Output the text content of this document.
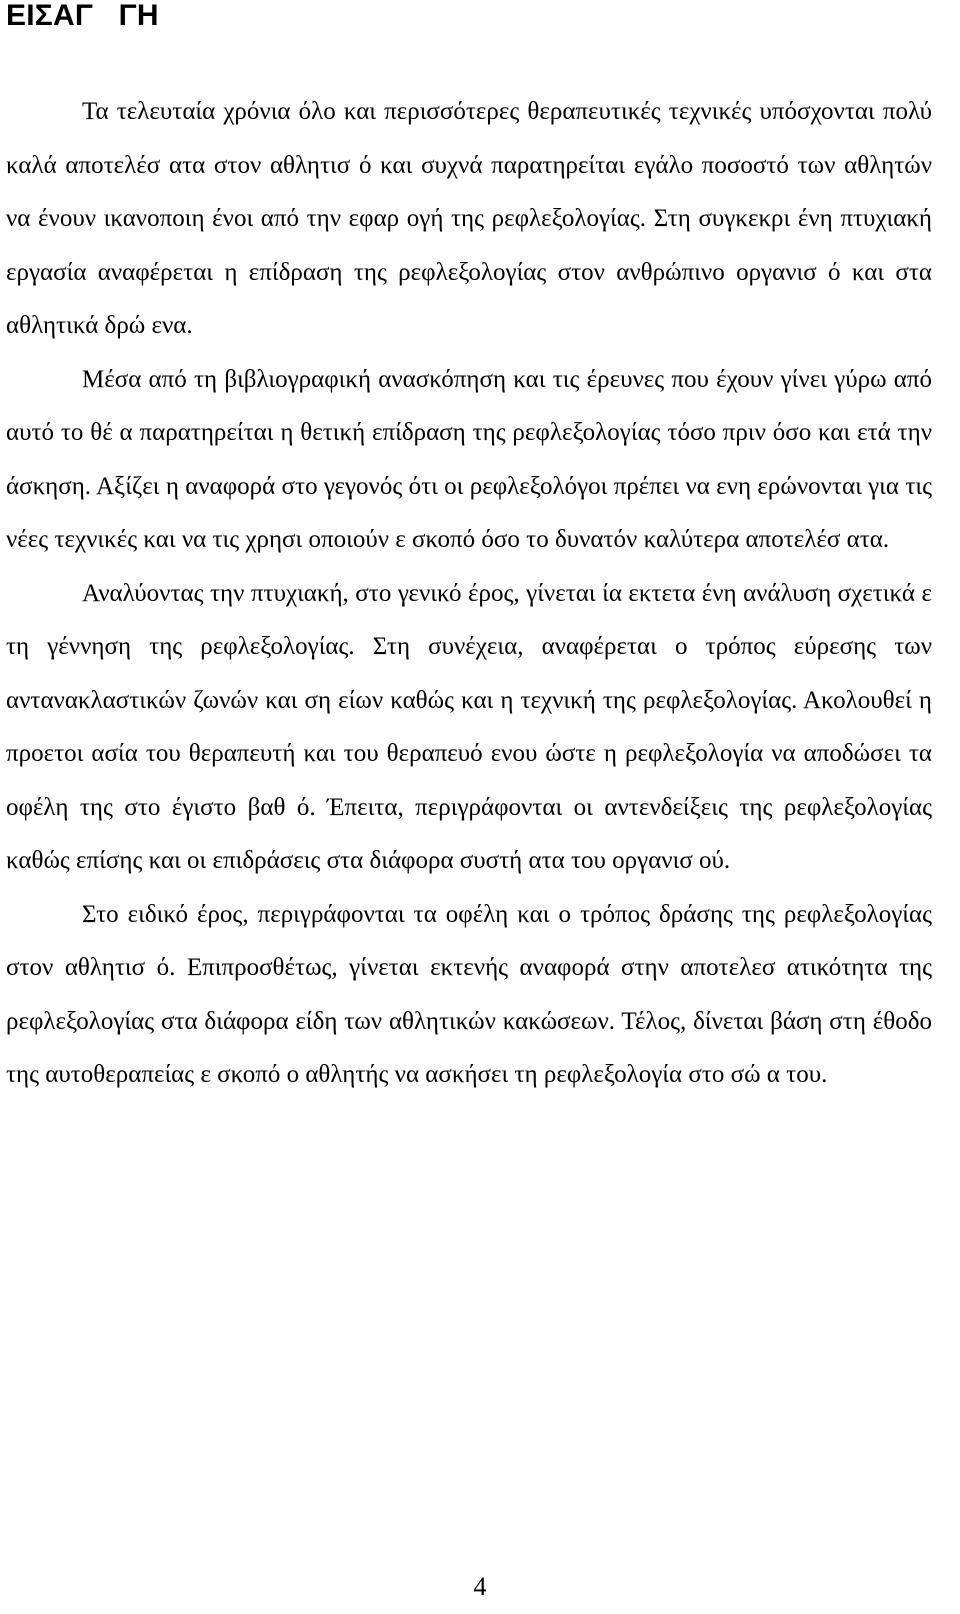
ΕΙΣΑΓ   ΓΗ

Τα τελευταία χρόνια όλο και περισσότερες θεραπευτικές τεχνικές υπόσχονται πολύ καλά αποτελέσ ατα στον αθλητισ ό και συχνά παρατηρείται εγάλο ποσοστό των αθλητών να ένουν ικανοποιη ένοι από την εφαρ ογή της ρεφλεξολογίας. Στη συγκεκρι ένη πτυχιακή εργασία αναφέρεται η επίδραση της ρεφλεξολογίας στον ανθρώπινο οργανισ ό και στα αθλητικά δρώ ενα.

Μέσα από τη βιβλιογραφική ανασκόπηση και τις έρευνες που έχουν γίνει γύρω από αυτό το θέ α παρατηρείται η θετική επίδραση της ρεφλεξολογίας τόσο πριν όσο και ετά την άσκηση. Αξίζει η αναφορά στο γεγονός ότι οι ρεφλεξολόγοι πρέπει να ενη ερώνονται για τις νέες τεχνικές και να τις χρησι οποιούν ε σκοπό όσο το δυνατόν καλύτερα αποτελέσ ατα.

Αναλύοντας την πτυχιακή, στο γενικό έρος, γίνεται ία εκτετα ένη ανάλυση σχετικά ε τη γέννηση της ρεφλεξολογίας. Στη συνέχεια, αναφέρεται ο τρόπος εύρεσης των αντανακλαστικών ζωνών και ση είων καθώς και η τεχνική της ρεφλεξολογίας. Ακολουθεί η προετοι ασία του θεραπευτή και του θεραπευό ενου ώστε η ρεφλεξολογία να αποδώσει τα οφέλη της στο έγιστο βαθ ό. Έπειτα, περιγράφονται οι αντενδείξεις της ρεφλεξολογίας καθώς επίσης και οι επιδράσεις στα διάφορα συστή ατα του οργανισ ού.

Στο ειδικό έρος, περιγράφονται τα οφέλη και ο τρόπος δράσης της ρεφλεξολογίας στον αθλητισ ό. Επιπροσθέτως, γίνεται εκτενής αναφορά στην αποτελεσ ατικότητα της ρεφλεξολογίας στα διάφορα είδη των αθλητικών κακώσεων. Τέλος, δίνεται βάση στη έθοδο της αυτοθεραπείας ε σκοπό ο αθλητής να ασκήσει τη ρεφλεξολογία στο σώ α του.

4
